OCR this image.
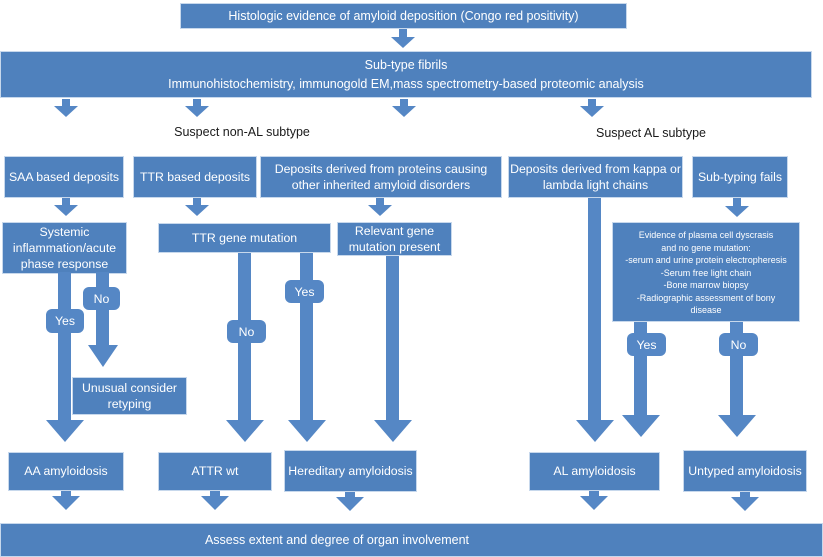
Histologic evidence of amyloid deposition (Congo red positivity)
Sub-type fibrils
Immunohistochemistry, immunogold EM,mass spectrometry-based proteomic analysis
Suspect non-AL subtype	Suspect AL subtype
SAA based deposits	TTR based deposits
Deposits derived from proteins causing other inherited amyloid disorders
Deposits derived from kappa or lambda light chains
Sub-typing fails
Systemic inflammation/acute phase response
TTR gene mutation
Relevant gene mutation present
Evidence of plasma cell dyscrasis
and no gene mutation:
-serum and urine protein electropheresis
-Serum free light chain
-Bone marrow biopsy
-Radiographic assessment of bony
disease
Yes
No
No
Yes
Yes	No
Unusual consider retyping
AA amyloidosis	ATTR wt	Hereditary amyloidosis	AL amyloidosis	Untyped amyloidosis
Assess extent and degree of organ involvement
